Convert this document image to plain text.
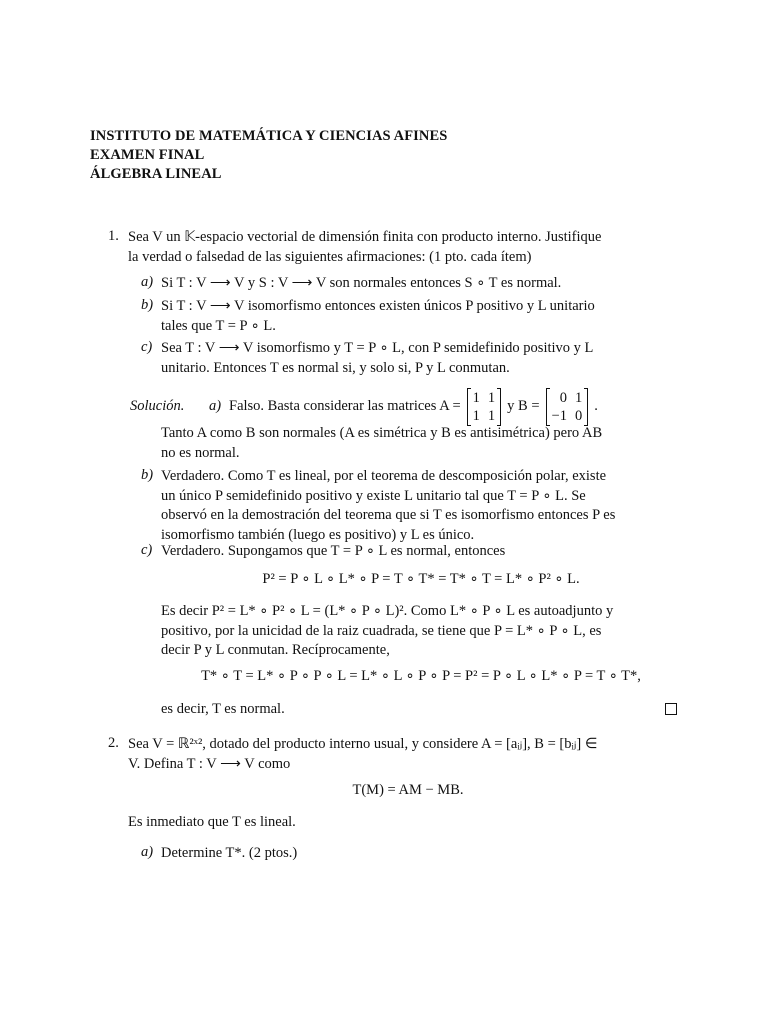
INSTITUTO DE MATEMÁTICA Y CIENCIAS AFINES
EXAMEN FINAL
ÁLGEBRA LINEAL
1. Sea V un 𝕂-espacio vectorial de dimensión finita con producto interno. Justifique
la verdad o falsedad de las siguientes afirmaciones: (1 pto. cada ítem)
a) Si T : V ⟶ V y S : V ⟶ V son normales entonces S ∘ T es normal.
b) Si T : V ⟶ V isomorfismo entonces existen únicos P positivo y L unitario
tales que T = P ∘ L.
c) Sea T : V ⟶ V isomorfismo y T = P ∘ L, con P semidefinido positivo y L
unitario. Entonces T es normal si, y solo si, P y L conmutan.
Solución. a) Falso. Basta considerar las matrices A =
1 1
1 1
y B =
0 1
−1 0
.
Tanto A como B son normales (A es simétrica y B es antisimétrica) pero AB
no es normal.
b) Verdadero. Como T es lineal, por el teorema de descomposición polar, existe
un único P semidefinido positivo y existe L unitario tal que T = P ∘ L. Se
observó en la demostración del teorema que si T es isomorfismo entonces P es
isomorfismo también (luego es positivo) y L es único.
c) Verdadero. Supongamos que T = P ∘ L es normal, entonces
P² = P ∘ L ∘ L* ∘ P = T ∘ T* = T* ∘ T = L* ∘ P² ∘ L.
Es decir P² = L* ∘ P² ∘ L = (L* ∘ P ∘ L)². Como L* ∘ P ∘ L es autoadjunto y
positivo, por la unicidad de la raiz cuadrada, se tiene que P = L* ∘ P ∘ L, es
decir P y L conmutan. Recíprocamente,
T* ∘ T = L* ∘ P ∘ P ∘ L = L* ∘ L ∘ P ∘ P = P² = P ∘ L ∘ L* ∘ P = T ∘ T*,
es decir, T es normal.
2. Sea V = ℝ²ˣ², dotado del producto interno usual, y considere A = [aᵢⱼ], B = [bᵢⱼ] ∈
V. Defina T : V ⟶ V como
T(M) = AM − MB.
Es inmediato que T es lineal.
a) Determine T*. (2 ptos.)
